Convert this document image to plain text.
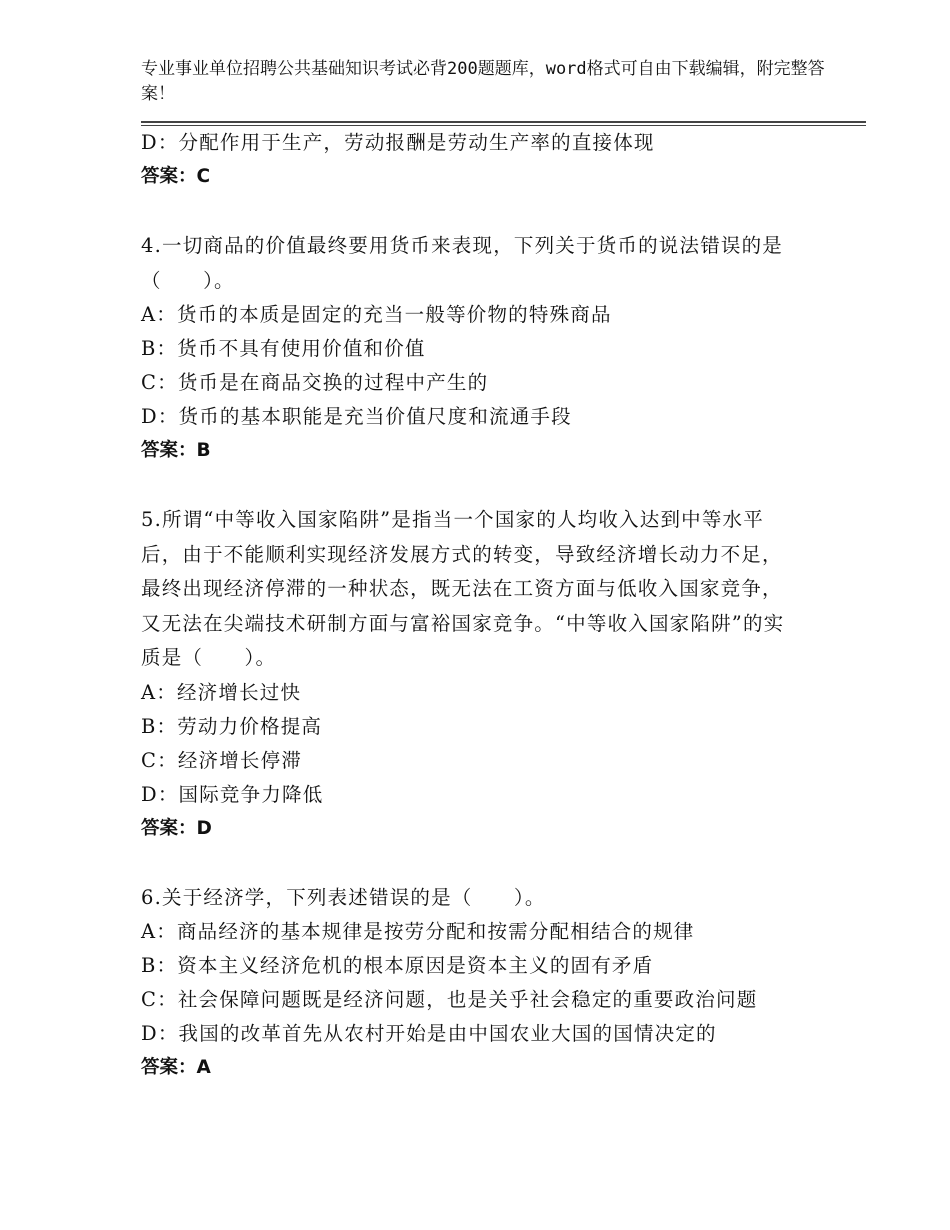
专业事业单位招聘公共基础知识考试必背200题题库，word格式可自由下载编辑，附完整答案！
D：分配作用于生产，劳动报酬是劳动生产率的直接体现
答案：C
4.一切商品的价值最终要用货币来表现，下列关于货币的说法错误的是（　　）。
A：货币的本质是固定的充当一般等价物的特殊商品
B：货币不具有使用价值和价值
C：货币是在商品交换的过程中产生的
D：货币的基本职能是充当价值尺度和流通手段
答案：B
5.所谓“中等收入国家陷阱”是指当一个国家的人均收入达到中等水平后，由于不能顺利实现经济发展方式的转变，导致经济增长动力不足，最终出现经济停滞的一种状态，既无法在工资方面与低收入国家竞争，又无法在尖端技术研制方面与富裕国家竞争。“中等收入国家陷阱”的实质是（　　）。
A：经济增长过快
B：劳动力价格提高
C：经济增长停滞
D：国际竞争力降低
答案：D
6.关于经济学，下列表述错误的是（　　）。
A：商品经济的基本规律是按劳分配和按需分配相结合的规律
B：资本主义经济危机的根本原因是资本主义的固有矛盾
C：社会保障问题既是经济问题，也是关乎社会稳定的重要政治问题
D：我国的改革首先从农村开始是由中国农业大国的国情决定的
答案：A
